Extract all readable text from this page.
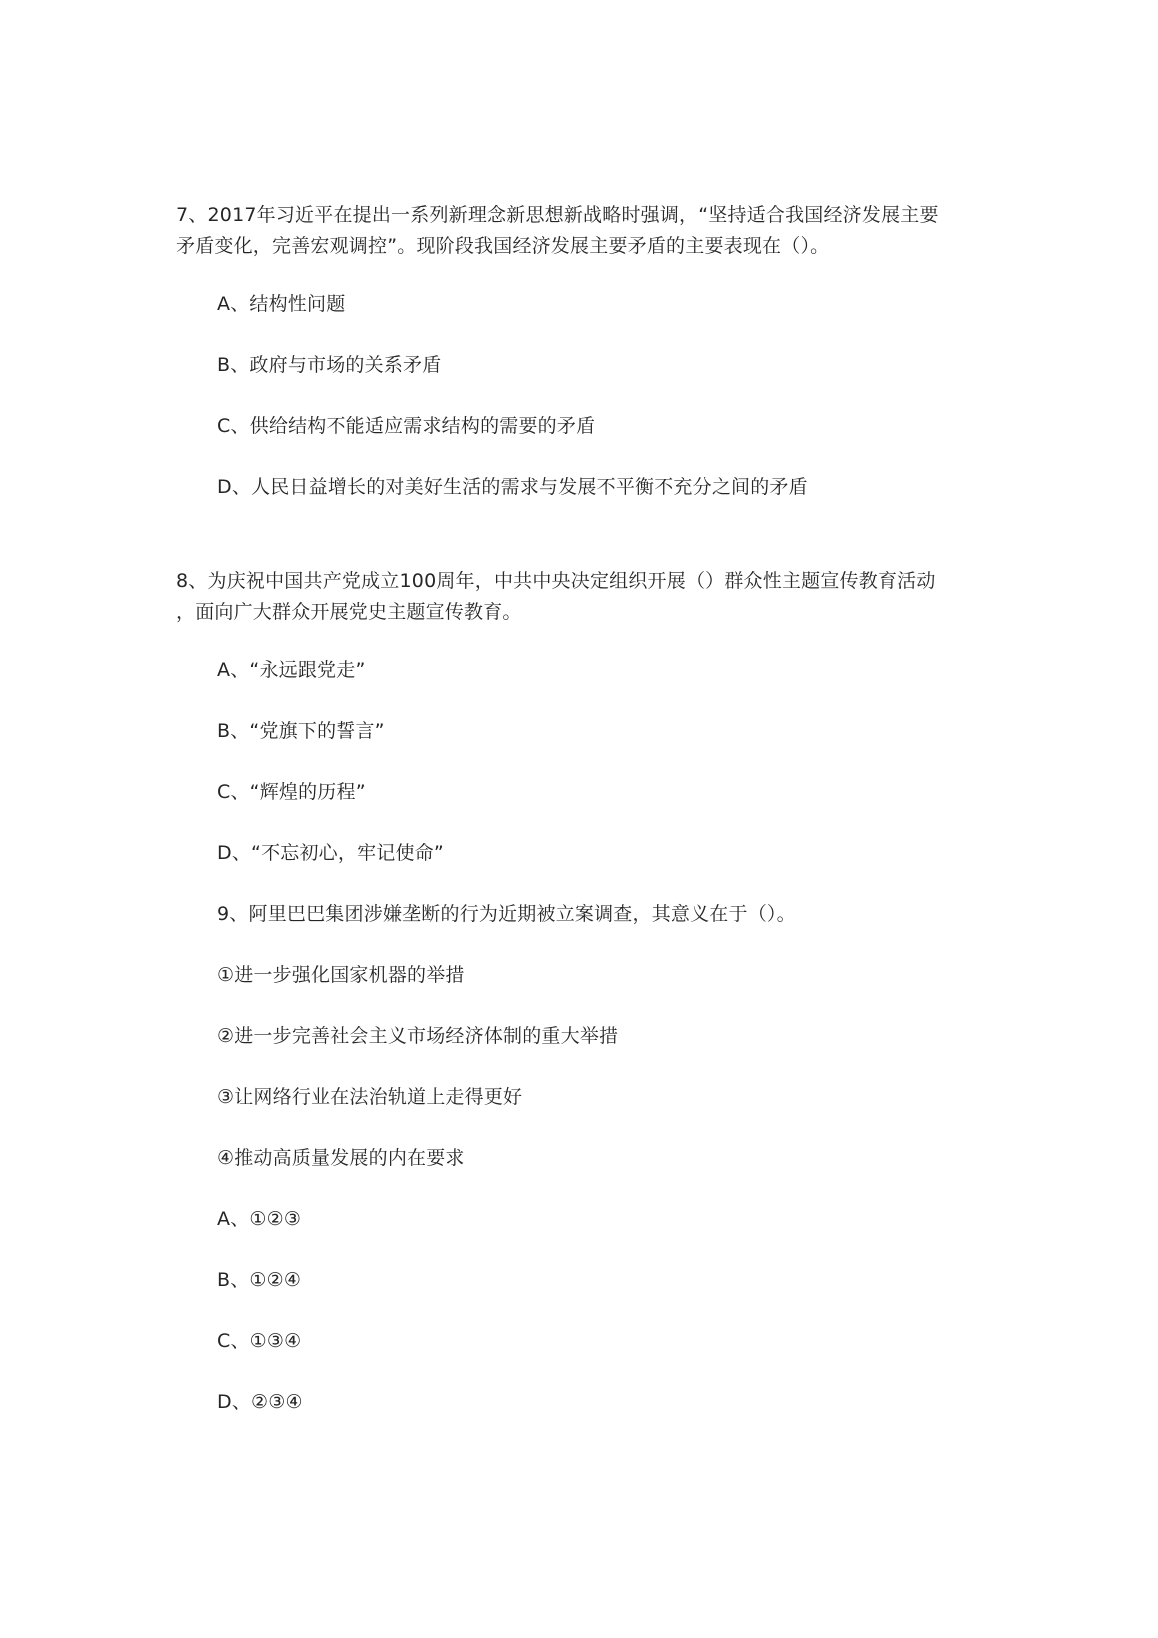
7、2017年习近平在提出一系列新理念新思想新战略时强调，“坚持适合我国经济发展主要
矛盾变化，完善宏观调控”。现阶段我国经济发展主要矛盾的主要表现在（）。
A、结构性问题
B、政府与市场的关系矛盾
C、供给结构不能适应需求结构的需要的矛盾
D、人民日益增长的对美好生活的需求与发展不平衡不充分之间的矛盾
8、为庆祝中国共产党成立100周年，中共中央决定组织开展（）群众性主题宣传教育活动
，面向广大群众开展党史主题宣传教育。
A、“永远跟党走”
B、“党旗下的誓言”
C、“辉煌的历程”
D、“不忘初心，牢记使命”
9、阿里巴巴集团涉嫌垄断的行为近期被立案调查，其意义在于（）。
①进一步强化国家机器的举措
②进一步完善社会主义市场经济体制的重大举措
③让网络行业在法治轨道上走得更好
④推动高质量发展的内在要求
A、①②③
B、①②④
C、①③④
D、②③④
